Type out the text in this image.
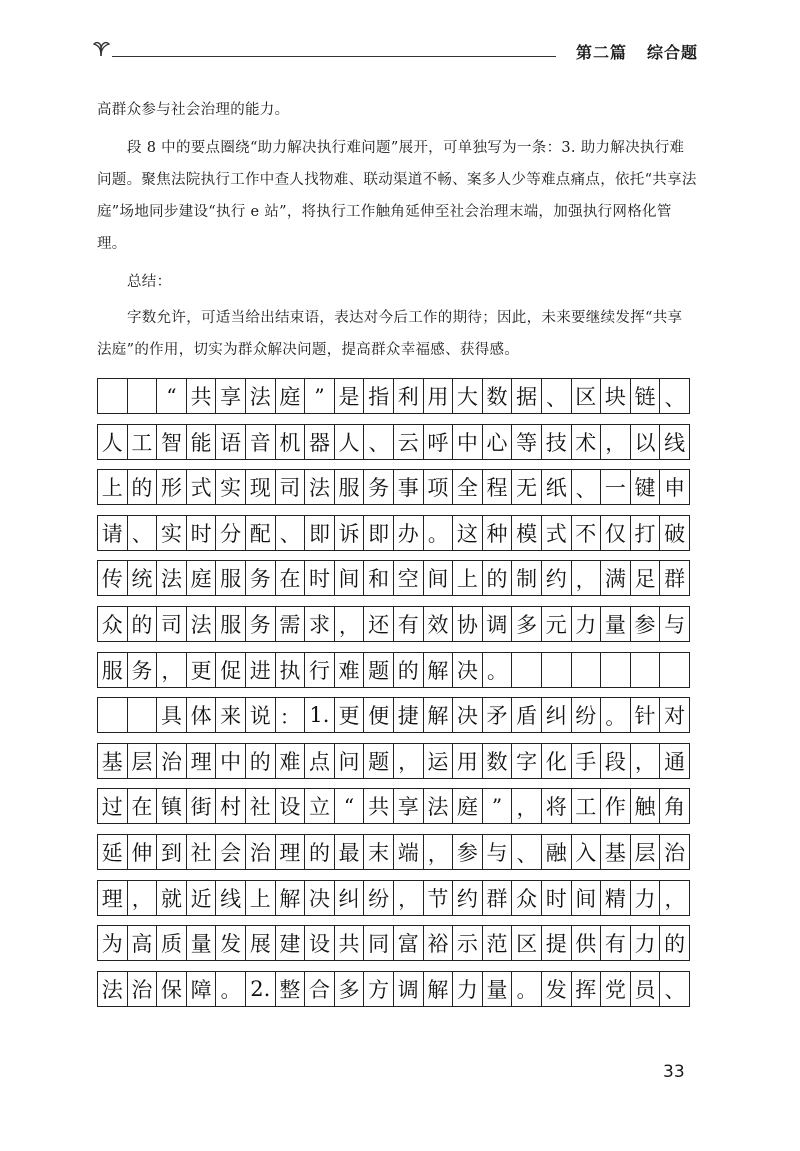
第二篇 综合题

高群众参与社会治理的能力。

段 8 中的要点圈绕“助力解决执行难问题”展开，可单独写为一条：3. 助力解决执行难问题。聚焦法院执行工作中查人找物难、联动渠道不畅、案多人少等难点痛点，依托“共享法庭”场地同步建设“执行 e 站”，将执行工作触角延伸至社会治理末端，加强执行网格化管理。

总结：

字数允许，可适当给出结束语，表达对今后工作的期待；因此，未来要继续发挥“共享法庭”的作用，切实为群众解决问题，提高群众幸福感、获得感。

“ 共 享 法 庭 ” 是 指 利 用 大 数 据 、 区 块 链 、
人 工 智 能 语 音 机 器 人 、 云 呼 中 心 等 技 术 ， 以 线
上 的 形 式 实 现 司 法 服 务 事 项 全 程 无 纸 、 一 键 申
请 、 实 时 分 配 、 即 诉 即 办 。 这 种 模 式 不 仅 打 破
传 统 法 庭 服 务 在 时 间 和 空 间 上 的 制 约 ， 满 足 群
众 的 司 法 服 务 需 求 ， 还 有 效 协 调 多 元 力 量 参 与
服 务 ， 更 促 进 执 行 难 题 的 解 决 。
具 体 来 说 ： 1. 更 便 捷 解 决 矛 盾 纠 纷 。 针 对
基 层 治 理 中 的 难 点 问 题 ， 运 用 数 字 化 手 段 ， 通
过 在 镇 街 村 社 设 立 “ 共 享 法 庭 ” ， 将 工 作 触 角
延 伸 到 社 会 治 理 的 最 末 端 ， 参 与 、 融 入 基 层 治
理 ， 就 近 线 上 解 决 纠 纷 ， 节 约 群 众 时 间 精 力 ，
为 高 质 量 发 展 建 设 共 同 富 裕 示 范 区 提 供 有 力 的
法 治 保 障 。 2. 整 合 多 方 调 解 力 量 。 发 挥 党 员 、
33
